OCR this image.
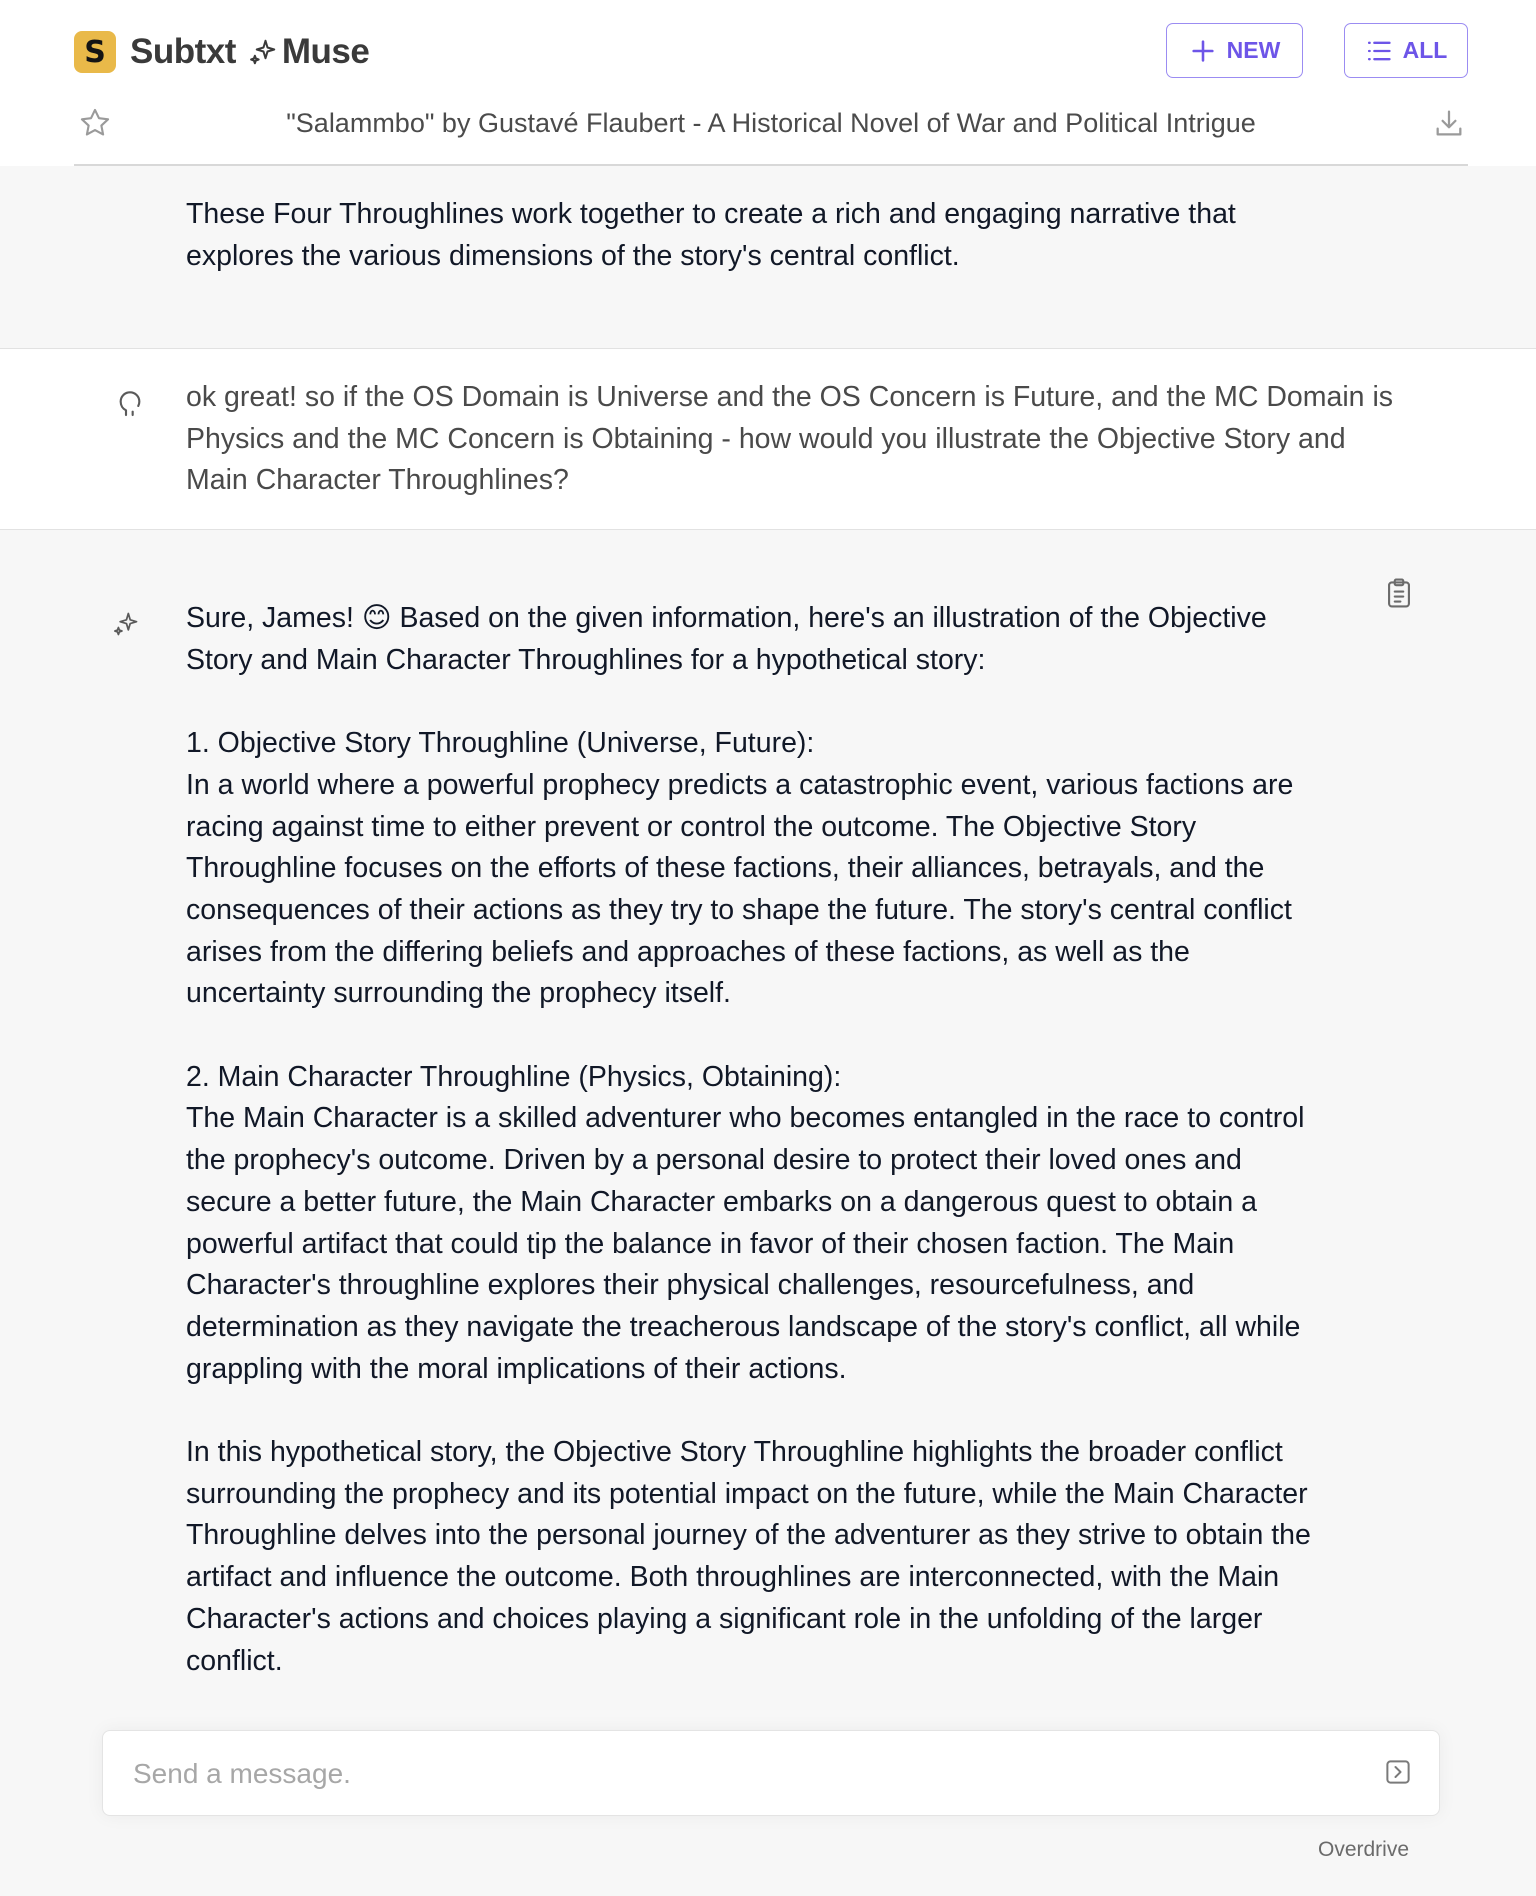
S Subtxt Muse	NEW	ALL
"Salammbo" by Gustavé Flaubert - A Historical Novel of War and Political Intrigue

These Four Throughlines work together to create a rich and engaging narrative that
explores the various dimensions of the story's central conflict.

ok great! so if the OS Domain is Universe and the OS Concern is Future, and the MC Domain is
Physics and the MC Concern is Obtaining - how would you illustrate the Objective Story and
Main Character Throughlines?

Sure, James! 😊 Based on the given information, here's an illustration of the Objective
Story and Main Character Throughlines for a hypothetical story:

1. Objective Story Throughline (Universe, Future):
In a world where a powerful prophecy predicts a catastrophic event, various factions are
racing against time to either prevent or control the outcome. The Objective Story
Throughline focuses on the efforts of these factions, their alliances, betrayals, and the
consequences of their actions as they try to shape the future. The story's central conflict
arises from the differing beliefs and approaches of these factions, as well as the
uncertainty surrounding the prophecy itself.

2. Main Character Throughline (Physics, Obtaining):
The Main Character is a skilled adventurer who becomes entangled in the race to control
the prophecy's outcome. Driven by a personal desire to protect their loved ones and
secure a better future, the Main Character embarks on a dangerous quest to obtain a
powerful artifact that could tip the balance in favor of their chosen faction. The Main
Character's throughline explores their physical challenges, resourcefulness, and
determination as they navigate the treacherous landscape of the story's conflict, all while
grappling with the moral implications of their actions.

In this hypothetical story, the Objective Story Throughline highlights the broader conflict
surrounding the prophecy and its potential impact on the future, while the Main Character
Throughline delves into the personal journey of the adventurer as they strive to obtain the
artifact and influence the outcome. Both throughlines are interconnected, with the Main
Character's actions and choices playing a significant role in the unfolding of the larger
conflict.

Send a message.
Overdrive
